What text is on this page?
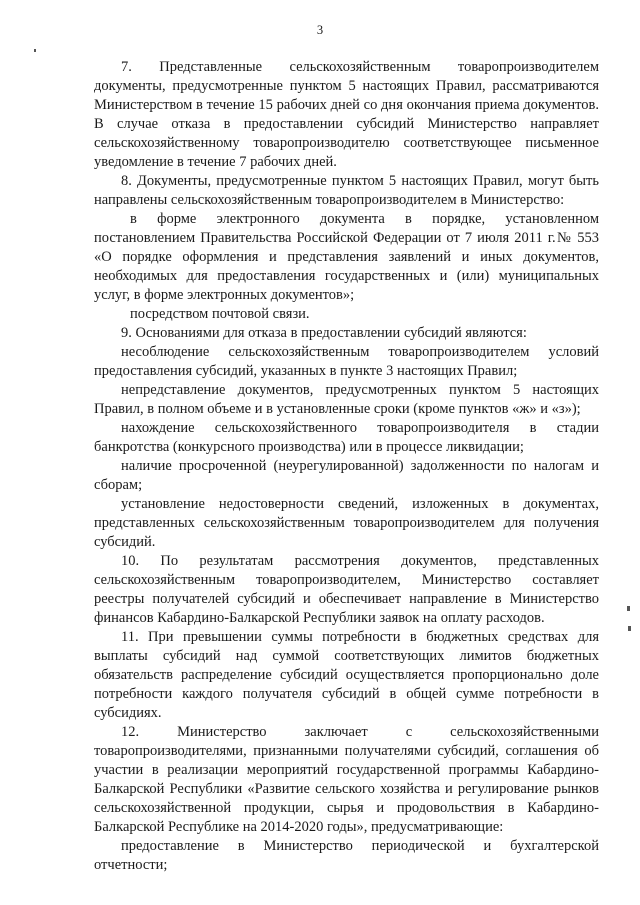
3

7. Представленные сельскохозяйственным товаропроизводителем документы, предусмотренные пунктом 5 настоящих Правил, рассматриваются Министерством в течение 15 рабочих дней со дня окончания приема документов. В случае отказа в предоставлении субсидий Министерство направляет сельскохозяйственному товаропроизводителю соответствующее письменное уведомление в течение 7 рабочих дней.

8. Документы, предусмотренные пунктом 5 настоящих Правил, могут быть направлены сельскохозяйственным товаропроизводителем в Министерство:

в форме электронного документа в порядке, установленном постановлением Правительства Российской Федерации от 7 июля 2011 г.№ 553 «О порядке оформления и представления заявлений и иных документов, необходимых для предоставления государственных и (или) муниципальных услуг, в форме электронных документов»;

посредством почтовой связи.

9. Основаниями для отказа в предоставлении субсидий являются:

несоблюдение сельскохозяйственным товаропроизводителем условий предоставления субсидий, указанных в пункте 3 настоящих Правил;

непредставление документов, предусмотренных пунктом 5 настоящих Правил, в полном объеме и в установленные сроки (кроме пунктов «ж» и «з»);

нахождение сельскохозяйственного товаропроизводителя в стадии банкротства (конкурсного производства) или в процессе ликвидации;

наличие просроченной (неурегулированной) задолженности по налогам и сборам;

установление недостоверности сведений, изложенных в документах, представленных сельскохозяйственным товаропроизводителем для получения субсидий.

10. По результатам рассмотрения документов, представленных сельскохозяйственным товаропроизводителем, Министерство составляет реестры получателей субсидий и обеспечивает направление в Министерство финансов Кабардино-Балкарской Республики заявок на оплату расходов.

11. При превышении суммы потребности в бюджетных средствах для выплаты субсидий над суммой соответствующих лимитов бюджетных обязательств распределение субсидий осуществляется пропорционально доле потребности каждого получателя субсидий в общей сумме потребности в субсидиях.

12. Министерство заключает с сельскохозяйственными товаропроизводителями, признанными получателями субсидий, соглашения об участии в реализации мероприятий государственной программы Кабардино-Балкарской Республики «Развитие сельского хозяйства и регулирование рынков сельскохозяйственной продукции, сырья и продовольствия в Кабардино-Балкарской Республике на 2014-2020 годы», предусматривающие:

предоставление в Министерство периодической и бухгалтерской отчетности;
